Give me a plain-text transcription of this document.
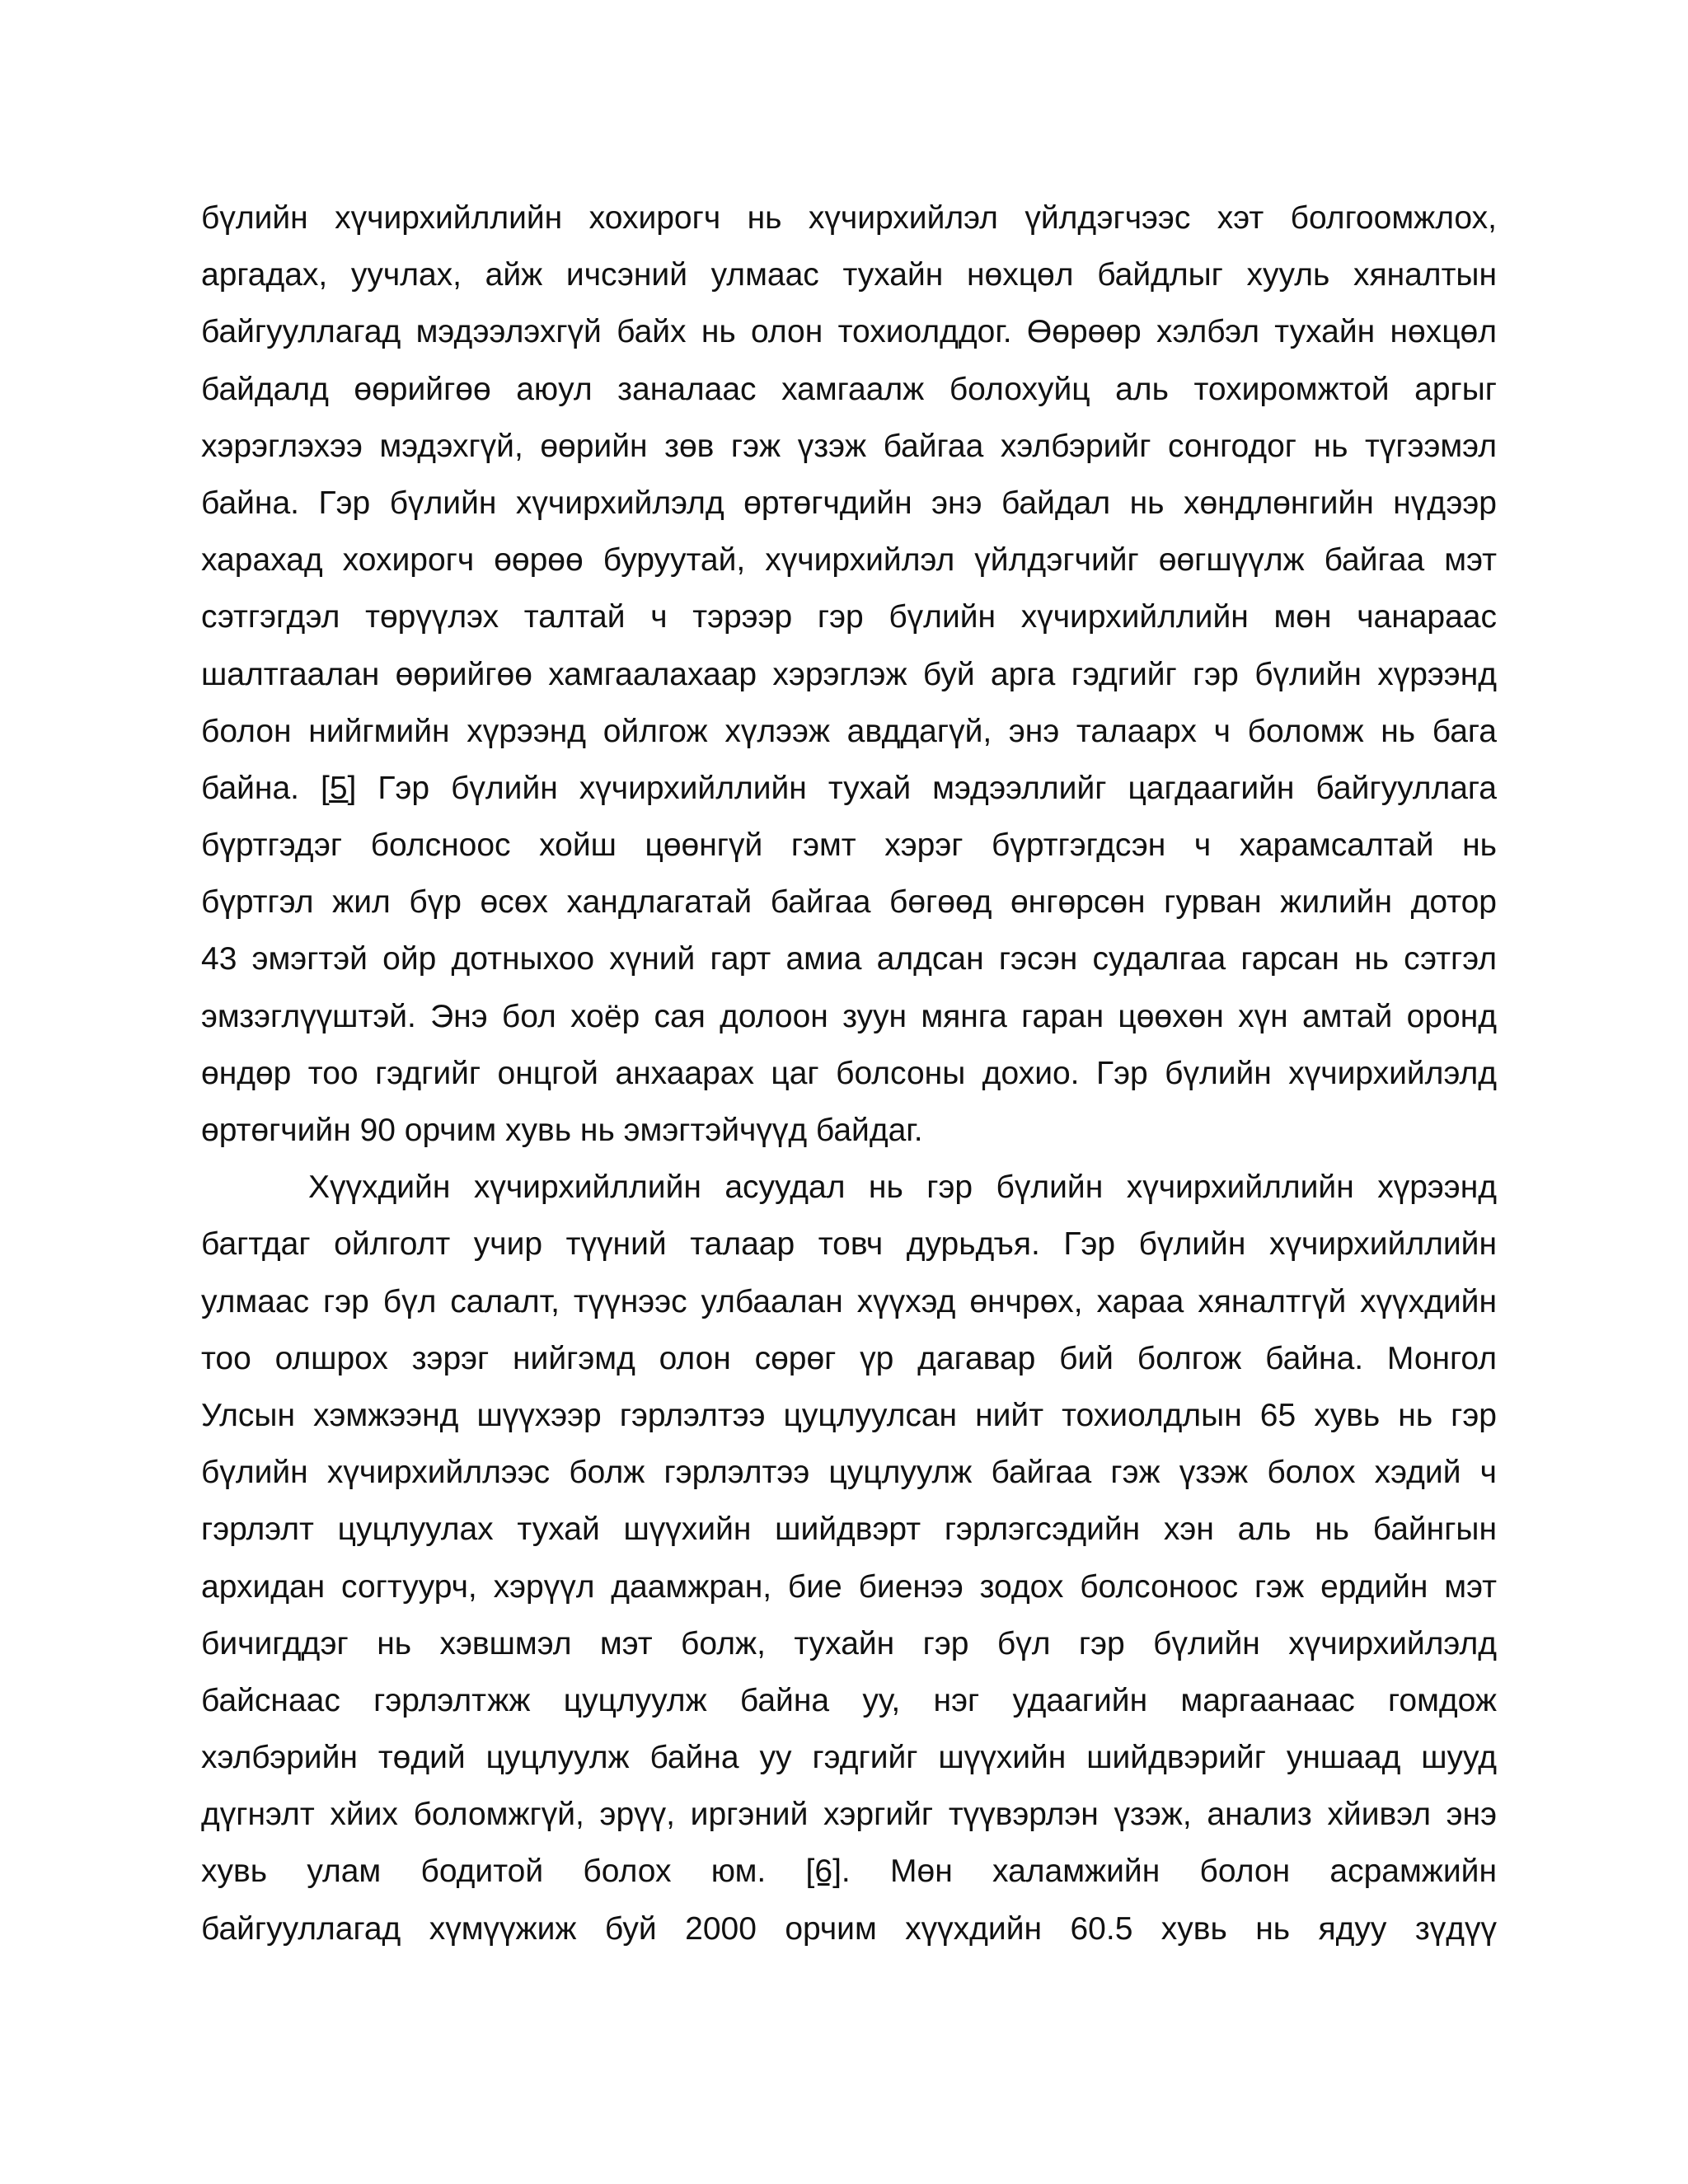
бүлийн хүчирхийллийн хохирогч нь хүчирхийлэл үйлдэгчээс хэт болгоомжлох,
аргадах, уучлах, айж ичсэний улмаас тухайн нөхцөл байдлыг хууль хяналтын
байгууллагад мэдээлэхгүй байх нь олон тохиолддог. Өөрөөр хэлбэл тухайн нөхцөл
байдалд өөрийгөө аюул заналаас хамгаалж болохуйц аль тохиромжтой аргыг
хэрэглэхээ мэдэхгүй, өөрийн зөв гэж үзэж байгаа хэлбэрийг сонгодог нь түгээмэл
байна. Гэр бүлийн хүчирхийлэлд өртөгчдийн энэ байдал нь хөндлөнгийн нүдээр
харахад хохирогч өөрөө буруутай, хүчирхийлэл үйлдэгчийг өөгшүүлж байгаа мэт
сэтгэгдэл төрүүлэх талтай ч тэрээр гэр бүлийн хүчирхийллийн мөн чанараас
шалтгаалан өөрийгөө хамгаалахаар хэрэглэж буй арга гэдгийг гэр бүлийн хүрээнд
болон нийгмийн хүрээнд ойлгож хүлээж авддагүй, энэ талаарх ч боломж нь бага
байна. [5] Гэр бүлийн хүчирхийллийн тухай мэдээллийг цагдаагийн байгууллага
бүртгэдэг болсноос хойш цөөнгүй гэмт хэрэг бүртгэгдсэн ч харамсалтай нь
бүртгэл жил бүр өсөх хандлагатай байгаа бөгөөд өнгөрсөн гурван жилийн дотор
43 эмэгтэй ойр дотныхоо хүний гарт амиа алдсан гэсэн судалгаа гарсан нь сэтгэл
эмзэглүүштэй. Энэ бол хоёр сая долоон зуун мянга гаран цөөхөн хүн амтай оронд
өндөр тоо гэдгийг онцгой анхаарах цаг болсоны дохио. Гэр бүлийн хүчирхийлэлд
өртөгчийн 90 орчим хувь нь эмэгтэйчүүд байдаг.
Хүүхдийн хүчирхийллийн асуудал нь гэр бүлийн хүчирхийллийн хүрээнд
багтдаг ойлголт учир түүний талаар товч дурьдъя. Гэр бүлийн хүчирхийллийн
улмаас гэр бүл салалт, түүнээс улбаалан хүүхэд өнчрөх, хараа хяналтгүй хүүхдийн
тоо олшрох зэрэг нийгэмд олон сөрөг үр дагавар бий болгож байна. Монгол
Улсын хэмжээнд шүүхээр гэрлэлтээ цуцлуулсан нийт тохиолдлын 65 хувь нь гэр
бүлийн хүчирхийллээс болж гэрлэлтээ цуцлуулж байгаа гэж үзэж болох хэдий ч
гэрлэлт цуцлуулах тухай шүүхийн шийдвэрт гэрлэгсэдийн хэн аль нь байнгын
архидан согтуурч, хэрүүл даамжран, бие биенээ зодох болсоноос гэж ердийн мэт
бичигддэг нь хэвшмэл мэт болж, тухайн гэр бүл гэр бүлийн хүчирхийлэлд
байснаас гэрлэлтжж цуцлуулж байна уу, нэг удаагийн маргаанаас гомдож
хэлбэрийн төдий цуцлуулж байна уу гэдгийг шүүхийн шийдвэрийг уншаад шууд
дүгнэлт хйих боломжгүй, эрүү, иргэний хэргийг түүвэрлэн үзэж, анализ хйивэл энэ
хувь улам бодитой болох юм. [6]. Мөн халамжийн болон асрамжийн
байгууллагад хүмүүжиж буй 2000 орчим хүүхдийн 60.5 хувь нь ядуу зүдүү
